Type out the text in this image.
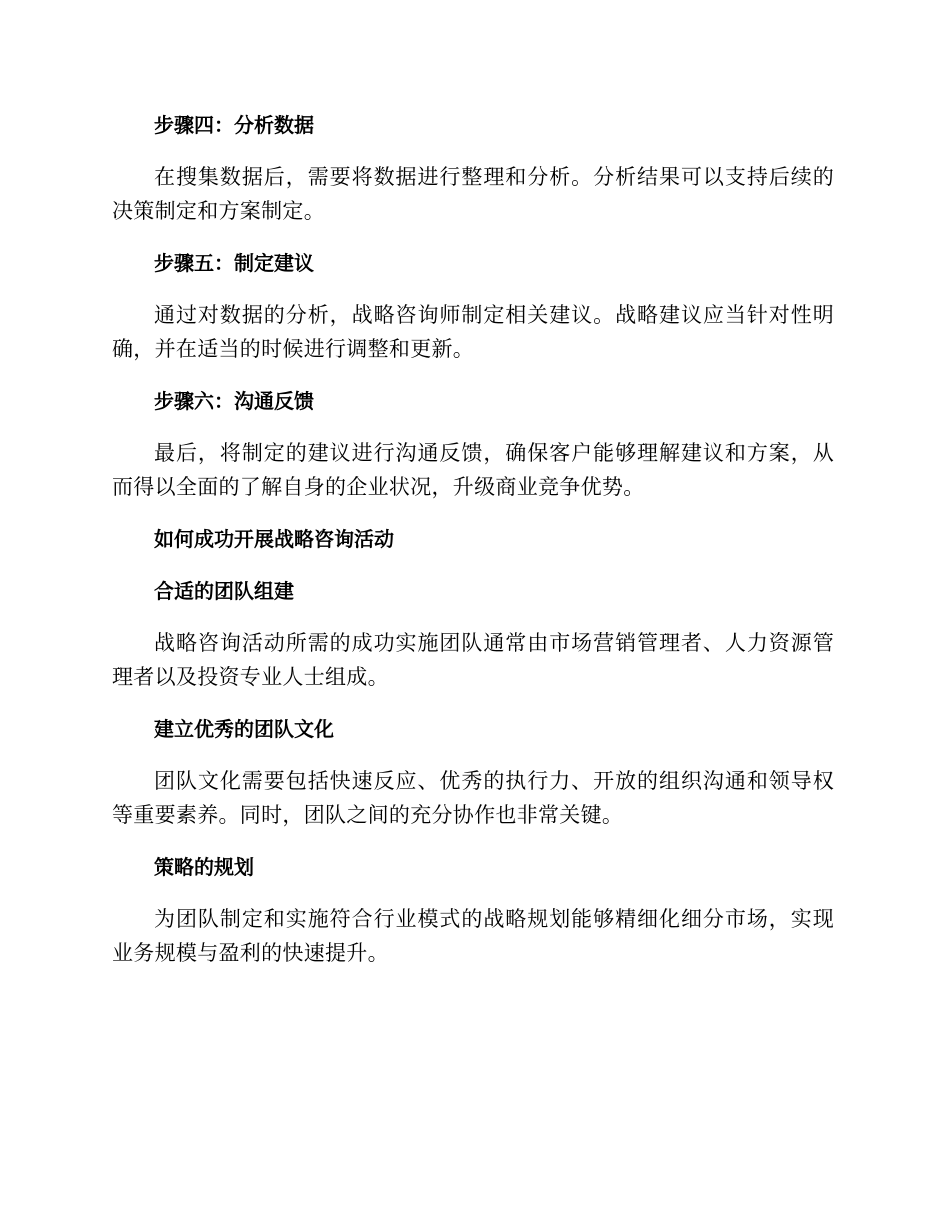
步骤四：分析数据
在搜集数据后，需要将数据进行整理和分析。分析结果可以支持后续的决策制定和方案制定。
步骤五：制定建议
通过对数据的分析，战略咨询师制定相关建议。战略建议应当针对性明确，并在适当的时候进行调整和更新。
步骤六：沟通反馈
最后，将制定的建议进行沟通反馈，确保客户能够理解建议和方案，从而得以全面的了解自身的企业状况，升级商业竞争优势。
如何成功开展战略咨询活动
合适的团队组建
战略咨询活动所需的成功实施团队通常由市场营销管理者、人力资源管理者以及投资专业人士组成。
建立优秀的团队文化
团队文化需要包括快速反应、优秀的执行力、开放的组织沟通和领导权等重要素养。同时，团队之间的充分协作也非常关键。
策略的规划
为团队制定和实施符合行业模式的战略规划能够精细化细分市场，实现业务规模与盈利的快速提升。
